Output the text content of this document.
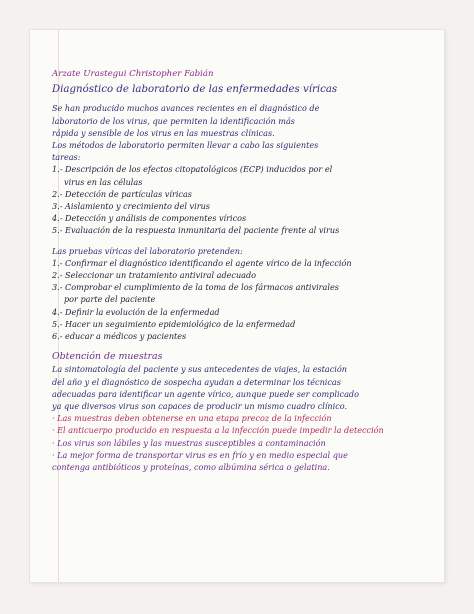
Arzate Urastegui Christopher Fabián
Diagnóstico de laboratorio de las enfermedades víricas
Se han producido muchos avances recientes en el diagnóstico de
laboratorio de los virus, que permiten la identificación más
rápida y sensible de los virus en las muestras clínicas.
Los métodos de laboratorio permiten llevar a cabo las siguientes
tareas:
1.- Descripción de los efectos citopatológicos (ECP) inducidos por el
virus en las células
2.- Detección de partículas víricas
3.- Aislamiento y crecimiento del virus
4.- Detección y análisis de componentes víricos
5.- Evaluación de la respuesta inmunitaria del paciente frente al virus
Las pruebas víricas del laboratorio pretenden:
1.- Confirmar el diagnóstico identificando el agente vírico de la infección
2.- Seleccionar un tratamiento antiviral adecuado
3.- Comprobar el cumplimiento de la toma de los fármacos antivirales
por parte del paciente
4.- Definir la evolución de la enfermedad
5.- Hacer un seguimiento epidemiológico de la enfermedad
6.- educar a médicos y pacientes
Obtención de muestras
La sintomatología del paciente y sus antecedentes de viajes, la estación
del año y el diagnóstico de sospecha ayudan a determinar los técnicas
adecuadas para identificar un agente vírico, aunque puede ser complicado
ya que diversos virus son capaces de producir un mismo cuadro clínico.
· Las muestras deben obtenerse en una etapa precoz de la infección
· El anticuerpo producido en respuesta a la infección puede impedir la detección
· Los virus son lábiles y las muestras susceptibles a contaminación
· La mejor forma de transportar virus es en frío y en medio especial que
contenga antibióticos y proteínas, como albúmina sérica o gelatina.
